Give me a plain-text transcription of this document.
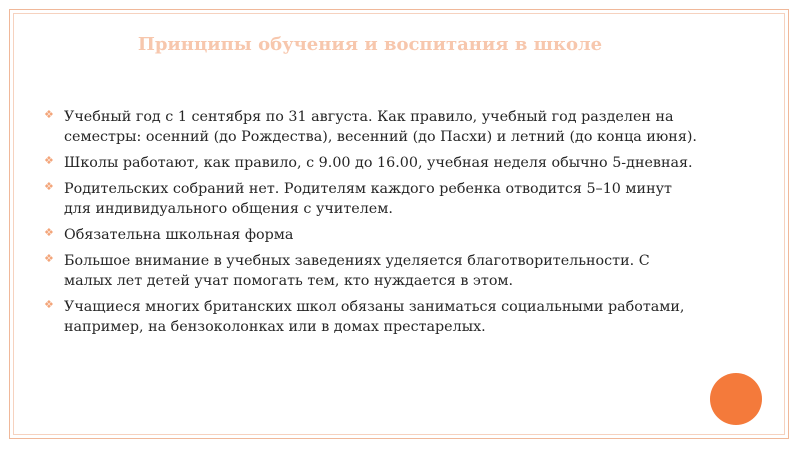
Принципы обучения и воспитания в школе
❖ Учебный год с 1 сентября по 31 августа. Как правило, учебный год разделен на семестры: осенний (до Рождества), весенний (до Пасхи) и летний (до конца июня).
❖ Школы работают, как правило, с 9.00 до 16.00, учебная неделя обычно 5-дневная.
❖ Родительских собраний нет. Родителям каждого ребенка отводится 5–10 минут для индивидуального общения с учителем.
❖ Обязательна школьная форма
❖ Большое внимание в учебных заведениях уделяется благотворительности. С малых лет детей учат помогать тем, кто нуждается в этом.
❖ Учащиеся многих британских школ обязаны заниматься социальными работами, например, на бензоколонках или в домах престарелых.
